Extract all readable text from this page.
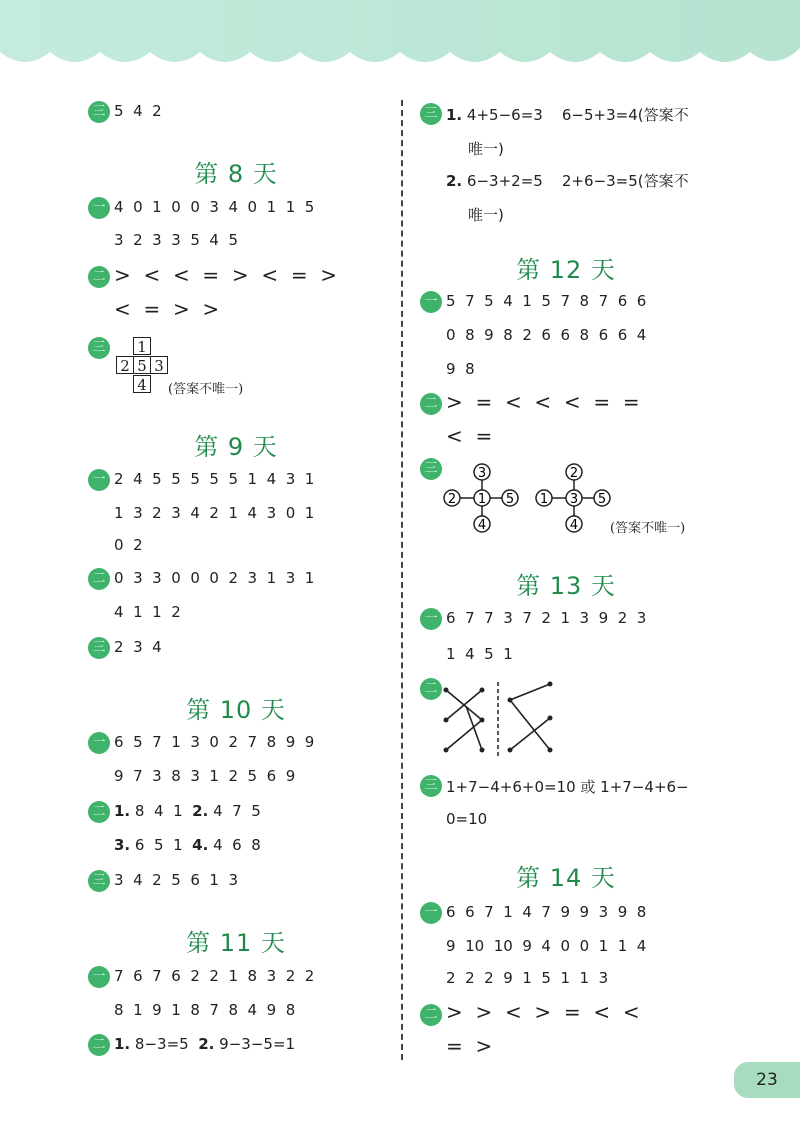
三 5  4  2
第 8 天
一 4  0  1  0  0  3  4  0  1  1  5
3  2  3  3  5  4  5
二 >  <  <  =  >  <  =  >
<  =  >  >
三	1
2 5 3
4	(答案不唯一)
第 9 天
一 2  4  5  5  5  5  5  1  4  3  1
1  3  2  3  4  2  1  4  3  0  1
0  2
二 0  3  3  0  0  0  2  3  1  3  1
4  1  1  2
三 2  3  4
第 10 天
一 6  5  7  1  3  0  2  7  8  9  9
9  7  3  8  3  1  2  5  6  9
二 1. 8  4  1 2. 4  7  5
3. 6  5  1 4. 4  6  8
三 3  4  2  5  6  1  3
第 11 天
一 7  6  7  6  2  2  1  8  3  2  2
8  1  9  1  8  7  8  4  9  8
二 1. 8−3=5 2. 9−3−5=1
三 1. 4+5−6=3    6−5+3=4(答案不
唯一)
2. 6−3+2=5    2+6−3=5(答案不
唯一)
第 12 天
一 5  7  5  4  1  5  7  8  7  6  6
0  8  9  8  2  6  6  8  6  6  4
9  8
二 >  =  <  <  <  =  =
<  =
三	3
2 1 5
4
2
1 3 5
4 (答案不唯一)
第 13 天
一 6  7  7  3  7  2  1  3  9  2  3
1  4  5  1
二
三 1+7−4+6+0=10 或 1+7−4+6−
0=10
第 14 天
一 6  6  7  1  4  7  9  9  3  9  8
9  10  10  9  4  0  0  1  1  4
2  2  2  9  1  5  1  1  3
二 >  >  <  >  =  <  <
=  >
23
